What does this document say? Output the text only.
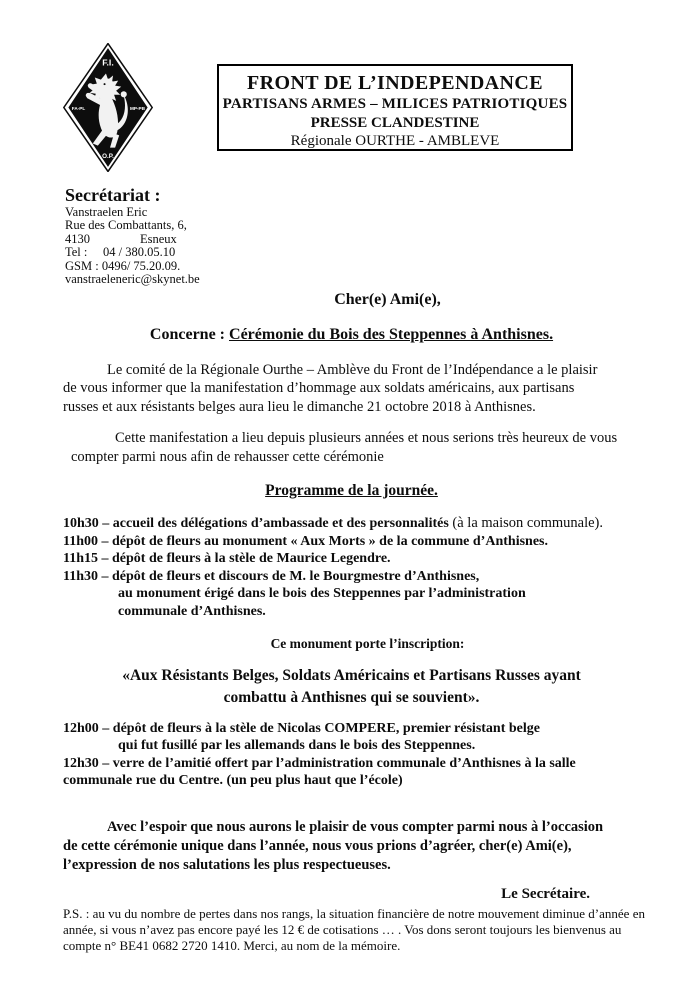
F.I.
FA-PL	MP-PB
O.P.
FRONT DE L’INDEPENDANCE
PARTISANS ARMES – MILICES PATRIOTIQUES
PRESSE CLANDESTINE
Régionale OURTHE - AMBLEVE
Secrétariat :
Vanstraelen Eric
Rue des Combattants, 6,
4130                Esneux
Tel :     04 / 380.05.10
GSM : 0496/ 75.20.09.
vanstraeleneric@skynet.be
Cher(e) Ami(e),
Concerne : Cérémonie du Bois des Steppennes à Anthisnes.
Le comité de la Régionale Ourthe – Amblève du Front de l’Indépendance a le plaisir
de vous informer que la manifestation d’hommage aux soldats américains, aux partisans
russes et aux résistants belges aura lieu le dimanche 21 octobre 2018 à Anthisnes.
Cette manifestation a lieu depuis plusieurs années et nous serions très heureux de vous
compter parmi nous afin de rehausser cette cérémonie
Programme de la journée.
10h30 – accueil des délégations d’ambassade et des personnalités (à la maison communale).
11h00 – dépôt de fleurs au monument « Aux Morts » de la commune d’Anthisnes.
11h15 – dépôt de fleurs à la stèle de Maurice Legendre.
11h30 – dépôt de fleurs et discours de M. le Bourgmestre d’Anthisnes,
au monument érigé dans le bois des Steppennes par l’administration
communale d’Anthisnes.
Ce monument porte l’inscription:
«Aux Résistants Belges, Soldats Américains et Partisans Russes ayant
combattu à Anthisnes qui se souvient».
12h00 – dépôt de fleurs à la stèle de Nicolas COMPERE, premier résistant belge
qui fut fusillé par les allemands dans le bois des Steppennes.
12h30 – verre de l’amitié offert par l’administration communale d’Anthisnes à la salle
communale rue du Centre. (un peu plus haut que l’école)
Avec l’espoir que nous aurons le plaisir de vous compter parmi nous à l’occasion
de cette cérémonie unique dans l’année, nous vous prions d’agréer, cher(e) Ami(e),
l’expression de nos salutations les plus respectueuses.
Le Secrétaire.
P.S. : au vu du nombre de pertes dans nos rangs, la situation financière de notre mouvement diminue d’année en
année, si vous n’avez pas encore payé les 12 € de cotisations … . Vos dons seront toujours les bienvenus au
compte n° BE41 0682 2720 1410. Merci, au nom de la mémoire.
